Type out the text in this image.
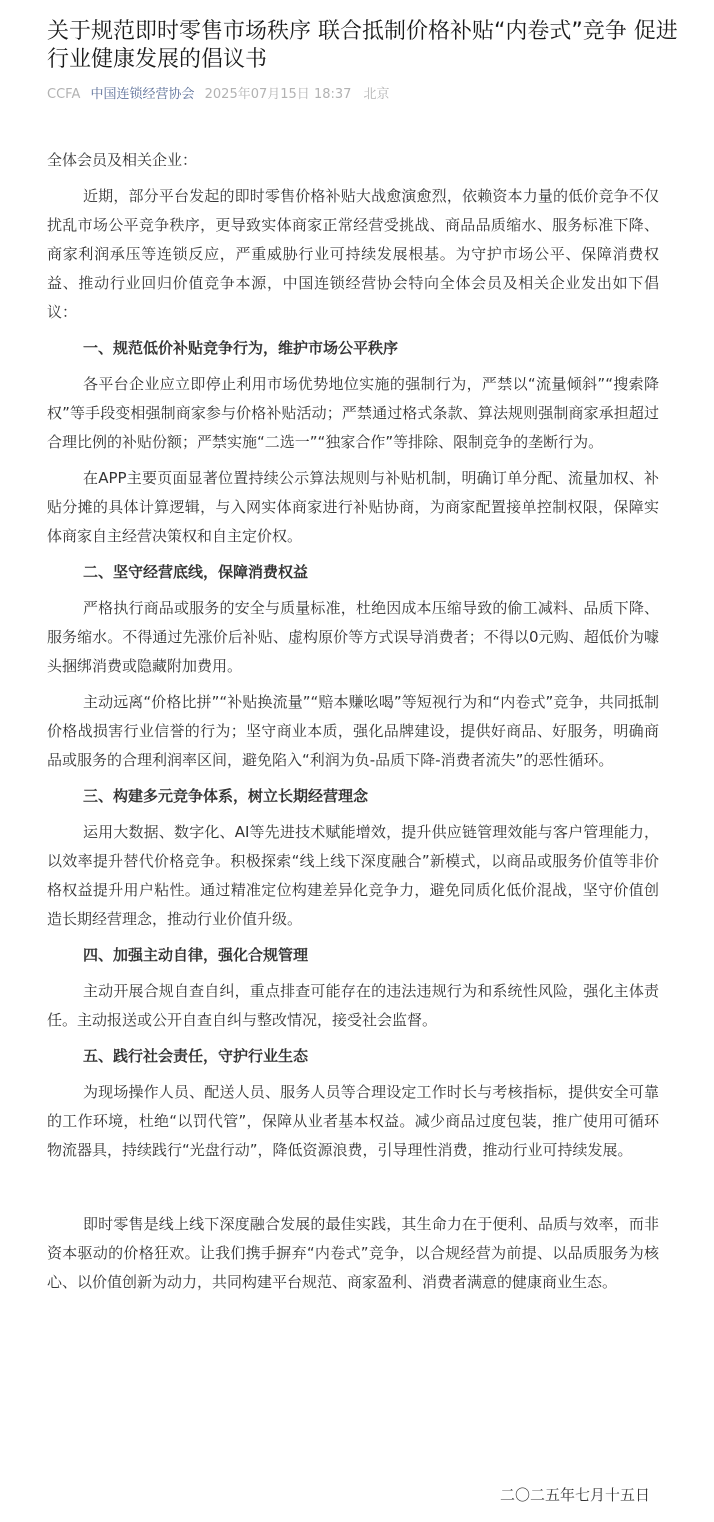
关于规范即时零售市场秩序 联合抵制价格补贴“内卷式”竞争 促进行业健康发展的倡议书
CCFA 中国连锁经营协会 2025年07月15日 18:37 北京

全体会员及相关企业：

近期，部分平台发起的即时零售价格补贴大战愈演愈烈，依赖资本力量的低价竞争不仅扰乱市场公平竞争秩序，更导致实体商家正常经营受挑战、商品品质缩水、服务标准下降、商家利润承压等连锁反应，严重威胁行业可持续发展根基。为守护市场公平、保障消费权益、推动行业回归价值竞争本源，中国连锁经营协会特向全体会员及相关企业发出如下倡议：

一、规范低价补贴竞争行为，维护市场公平秩序

各平台企业应立即停止利用市场优势地位实施的强制行为，严禁以“流量倾斜”“搜索降权”等手段变相强制商家参与价格补贴活动；严禁通过格式条款、算法规则强制商家承担超过合理比例的补贴份额；严禁实施“二选一”“独家合作”等排除、限制竞争的垄断行为。

在APP主要页面显著位置持续公示算法规则与补贴机制，明确订单分配、流量加权、补贴分摊的具体计算逻辑，与入网实体商家进行补贴协商，为商家配置接单控制权限，保障实体商家自主经营决策权和自主定价权。

二、坚守经营底线，保障消费权益

严格执行商品或服务的安全与质量标准，杜绝因成本压缩导致的偷工减料、品质下降、服务缩水。不得通过先涨价后补贴、虚构原价等方式误导消费者；不得以0元购、超低价为噱头捆绑消费或隐藏附加费用。

主动远离“价格比拼”“补贴换流量”“赔本赚吆喝”等短视行为和“内卷式”竞争，共同抵制价格战损害行业信誉的行为；坚守商业本质，强化品牌建设，提供好商品、好服务，明确商品或服务的合理利润率区间，避免陷入“利润为负-品质下降-消费者流失”的恶性循环。

三、构建多元竞争体系，树立长期经营理念

运用大数据、数字化、AI等先进技术赋能增效，提升供应链管理效能与客户管理能力，以效率提升替代价格竞争。积极探索“线上线下深度融合”新模式，以商品或服务价值等非价格权益提升用户粘性。通过精准定位构建差异化竞争力，避免同质化低价混战，坚守价值创造长期经营理念，推动行业价值升级。

四、加强主动自律，强化合规管理

主动开展合规自查自纠，重点排查可能存在的违法违规行为和系统性风险，强化主体责任。主动报送或公开自查自纠与整改情况，接受社会监督。

五、践行社会责任，守护行业生态

为现场操作人员、配送人员、服务人员等合理设定工作时长与考核指标，提供安全可靠的工作环境，杜绝“以罚代管”，保障从业者基本权益。减少商品过度包装，推广使用可循环物流器具，持续践行“光盘行动”，降低资源浪费，引导理性消费，推动行业可持续发展。

即时零售是线上线下深度融合发展的最佳实践，其生命力在于便利、品质与效率，而非资本驱动的价格狂欢。让我们携手摒弃“内卷式”竞争，以合规经营为前提、以品质服务为核心、以价值创新为动力，共同构建平台规范、商家盈利、消费者满意的健康商业生态。

二〇二五年七月十五日
